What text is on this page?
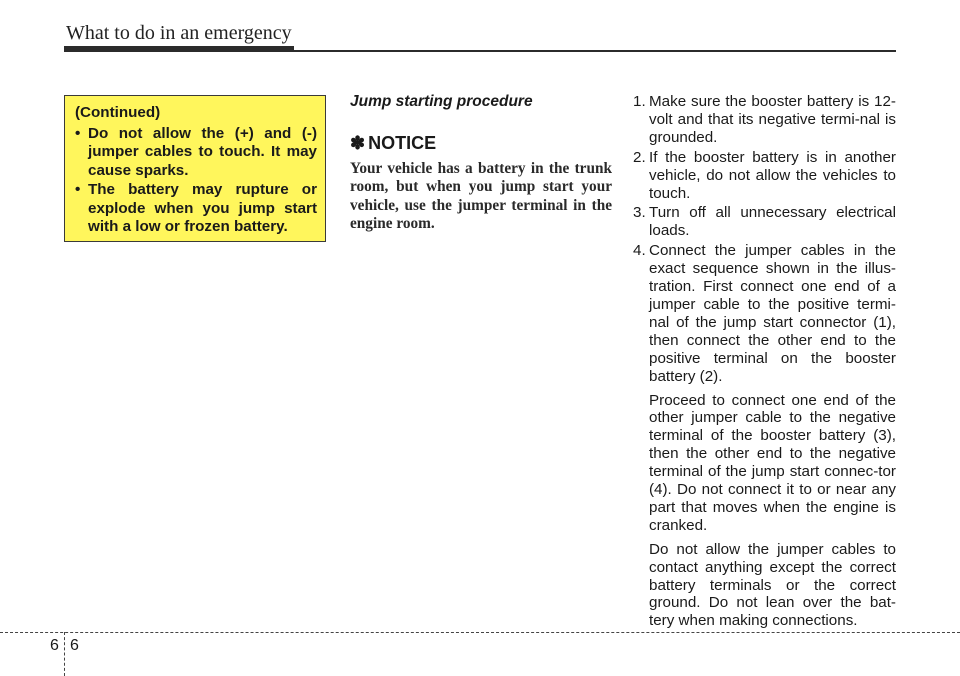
What to do in an emergency
(Continued)
• Do not allow the (+) and (-) jumper cables to touch. It may cause sparks.
• The battery may rupture or explode when you jump start with a low or frozen battery.
Jump starting procedure
✽ NOTICE
Your vehicle has a battery in the trunk room, but when you jump start your vehicle, use the jumper terminal in the engine room.
1. Make sure the booster battery is 12-volt and that its negative termi-nal is grounded.
2. If the booster battery is in another vehicle, do not allow the vehicles to touch.
3. Turn off all unnecessary electrical loads.
4. Connect the jumper cables in the exact sequence shown in the illus-tration. First connect one end of a jumper cable to the positive termi-nal of the jump start connector (1), then connect the other end to the positive terminal on the booster battery (2).
Proceed to connect one end of the other jumper cable to the negative terminal of the booster battery (3), then the other end to the negative terminal of the jump start connec-tor (4). Do not connect it to or near any part that moves when the engine is cranked.
Do not allow the jumper cables to contact anything except the correct battery terminals or the correct ground. Do not lean over the bat-tery when making connections.
6 6
